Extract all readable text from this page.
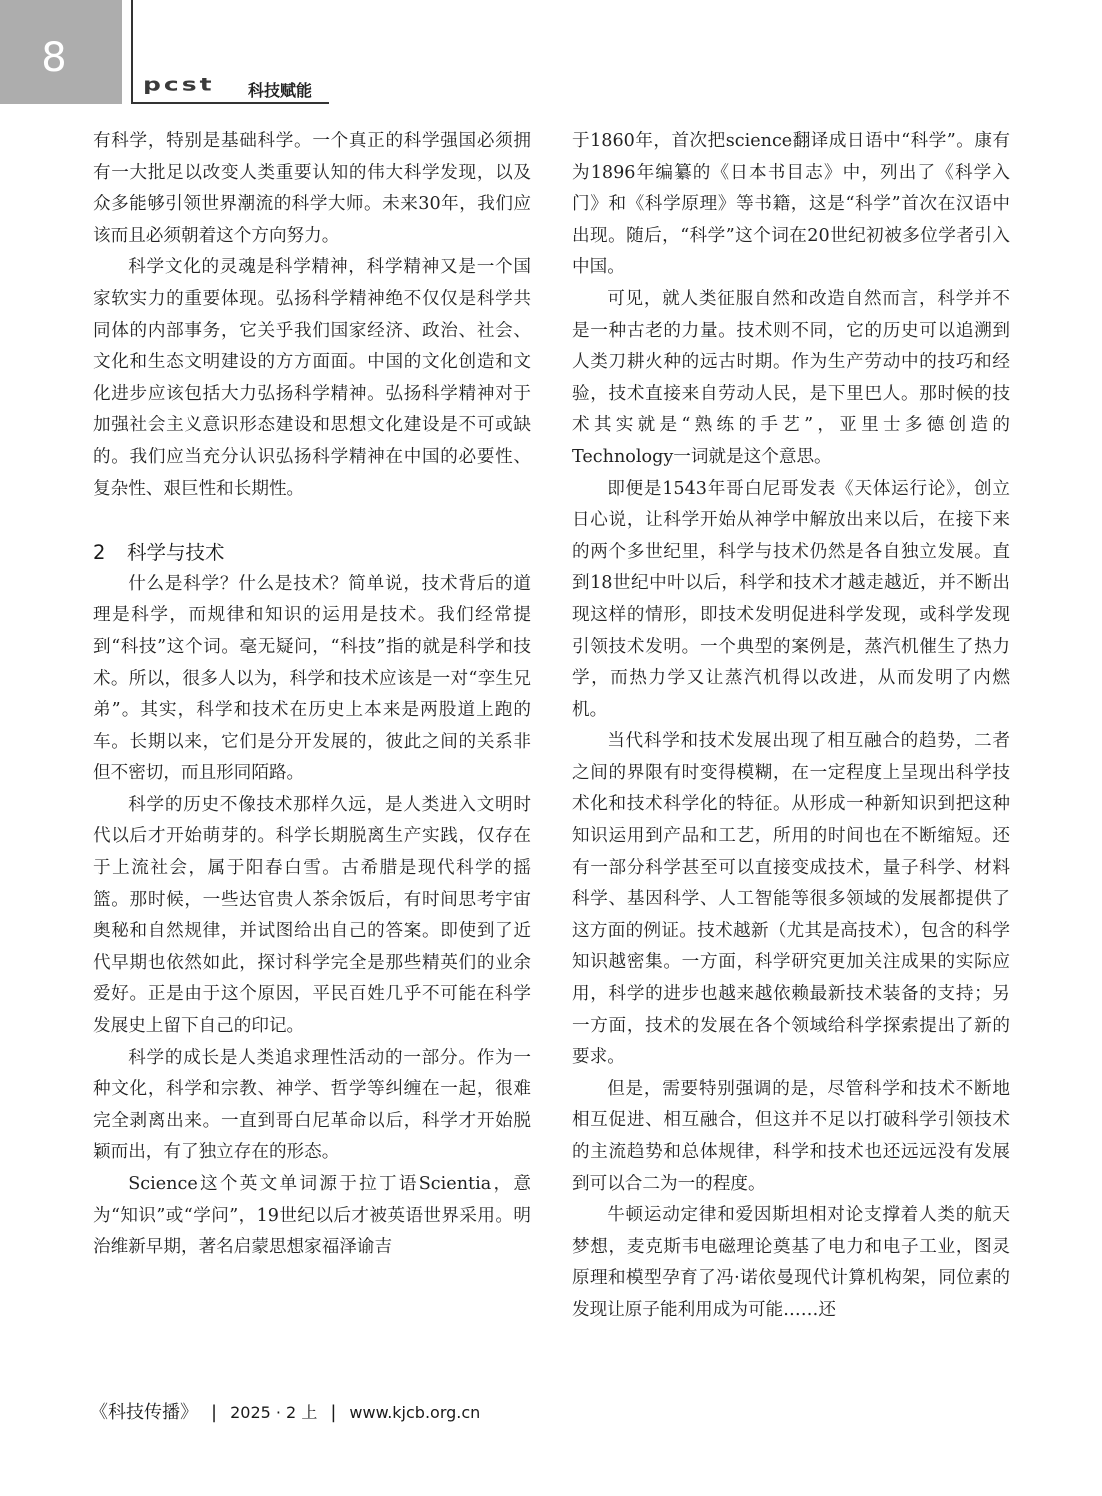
8
pcst 科技赋能

有科学，特别是基础科学。一个真正的科学强国必须拥有一大批足以改变人类重要认知的伟大科学发现，以及众多能够引领世界潮流的科学大师。未来30年，我们应该而且必须朝着这个方向努力。

科学文化的灵魂是科学精神，科学精神又是一个国家软实力的重要体现。弘扬科学精神绝不仅仅是科学共同体的内部事务，它关乎我们国家经济、政治、社会、文化和生态文明建设的方方面面。中国的文化创造和文化进步应该包括大力弘扬科学精神。弘扬科学精神对于加强社会主义意识形态建设和思想文化建设是不可或缺的。我们应当充分认识弘扬科学精神在中国的必要性、复杂性、艰巨性和长期性。

2 科学与技术

什么是科学？什么是技术？简单说，技术背后的道理是科学，而规律和知识的运用是技术。我们经常提到“科技”这个词。毫无疑问，“科技”指的就是科学和技术。所以，很多人以为，科学和技术应该是一对“孪生兄弟”。其实，科学和技术在历史上本来是两股道上跑的车。长期以来，它们是分开发展的，彼此之间的关系非但不密切，而且形同陌路。

科学的历史不像技术那样久远，是人类进入文明时代以后才开始萌芽的。科学长期脱离生产实践，仅存在于上流社会，属于阳春白雪。古希腊是现代科学的摇篮。那时候，一些达官贵人茶余饭后，有时间思考宇宙奥秘和自然规律，并试图给出自己的答案。即使到了近代早期也依然如此，探讨科学完全是那些精英们的业余爱好。正是由于这个原因，平民百姓几乎不可能在科学发展史上留下自己的印记。

科学的成长是人类追求理性活动的一部分。作为一种文化，科学和宗教、神学、哲学等纠缠在一起，很难完全剥离出来。一直到哥白尼革命以后，科学才开始脱颖而出，有了独立存在的形态。

Science这个英文单词源于拉丁语Scientia，意为“知识”或“学问”，19世纪以后才被英语世界采用。明治维新早期，著名启蒙思想家福泽谕吉

于1860年，首次把science翻译成日语中“科学”。康有为1896年编纂的《日本书目志》中，列出了《科学入门》和《科学原理》等书籍，这是“科学”首次在汉语中出现。随后，“科学”这个词在20世纪初被多位学者引入中国。

可见，就人类征服自然和改造自然而言，科学并不是一种古老的力量。技术则不同，它的历史可以追溯到人类刀耕火种的远古时期。作为生产劳动中的技巧和经验，技术直接来自劳动人民，是下里巴人。那时候的技术其实就是“熟练的手艺”，亚里士多德创造的Technology一词就是这个意思。

即便是1543年哥白尼哥发表《天体运行论》，创立日心说，让科学开始从神学中解放出来以后，在接下来的两个多世纪里，科学与技术仍然是各自独立发展。直到18世纪中叶以后，科学和技术才越走越近，并不断出现这样的情形，即技术发明促进科学发现，或科学发现引领技术发明。一个典型的案例是，蒸汽机催生了热力学，而热力学又让蒸汽机得以改进，从而发明了内燃机。

当代科学和技术发展出现了相互融合的趋势，二者之间的界限有时变得模糊，在一定程度上呈现出科学技术化和技术科学化的特征。从形成一种新知识到把这种知识运用到产品和工艺，所用的时间也在不断缩短。还有一部分科学甚至可以直接变成技术，量子科学、材料科学、基因科学、人工智能等很多领域的发展都提供了这方面的例证。技术越新（尤其是高技术），包含的科学知识越密集。一方面，科学研究更加关注成果的实际应用，科学的进步也越来越依赖最新技术装备的支持；另一方面，技术的发展在各个领域给科学探索提出了新的要求。

但是，需要特别强调的是，尽管科学和技术不断地相互促进、相互融合，但这并不足以打破科学引领技术的主流趋势和总体规律，科学和技术也还远远没有发展到可以合二为一的程度。

牛顿运动定律和爱因斯坦相对论支撑着人类的航天梦想，麦克斯韦电磁理论奠基了电力和电子工业，图灵原理和模型孕育了冯·诺依曼现代计算机构架，同位素的发现让原子能利用成为可能……还

《科技传播》 | 2025 · 2 上 | www.kjcb.org.cn
